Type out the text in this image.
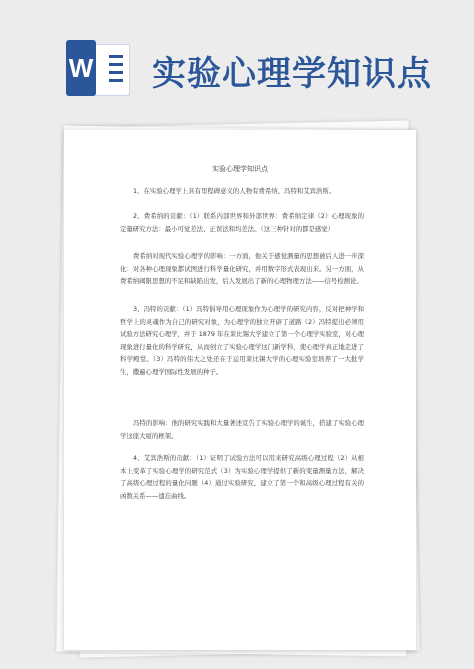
W 实验心理学知识点
实验心理学知识点

1、在实验心理学上具有里程碑意义的人物有费希纳、冯特和艾宾浩斯。

2、费希纳的贡献：（1）联系内部世界和外部世界：费希纳定律（2）心理现象的定量研究方法：最小可觉差法、正误法和均差法。（这三种针对的都是感觉）

费希纳对现代实验心理学的影响：一方面，他关于感觉测量的思想被后人进一步深化：对各种心理现象都试图进行科学量化研究，并用数字形式表现出来。另一方面，从费希纳阈限思想的不足和缺陷出发，后人发展出了新的心理物理方法——信号检测论。

3、冯特的贡献：（1）冯特倡导用心理现象作为心理学的研究内容，反对把神学和哲学上的灵魂作为自己的研究对象，为心理学的独立开辟了道路（2）冯特提出必须用试验方法研究心理学，并于 1879 年在莱比锡大学建立了第一个心理学实验室，对心理现象进行量化的科学研究，从而创立了实验心理学这门新学科，使心理学真正地走进了科学殿堂。（3）冯特的伟大之处还在于运用莱比锡大学的心理实验室培养了一大批学生，撒遍心理学国际性发展的种子。

冯特的影响：他的研究实践和大量著述宣告了实验心理学的诞生，搭建了实验心理学这座大厦的框架。

4、艾宾浩斯的贡献：（1）证明了试验方法可以用来研究高级心理过程（2）从根本上变革了实验心理学的研究范式（3）为实验心理学提供了新的变量测量方法，解决了高级心理过程的量化问题（4）通过实验研究，建立了第一个和高级心理过程有关的函数关系——遗忘曲线。
